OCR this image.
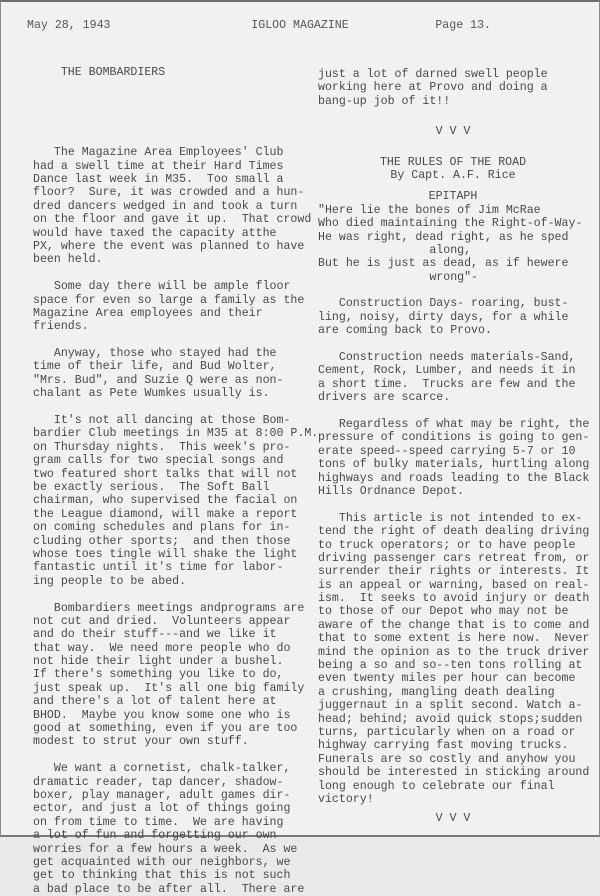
May 28, 1943	IGLOO MAGAZINE	Page 13.

THE BOMBARDIERS

The Magazine Area Employees' Club
had a swell time at their Hard Times
Dance last week in M35.  Too small a
floor?  Sure, it was crowded and a hun-
dred dancers wedged in and took a turn
on the floor and gave it up.  That crowd
would have taxed the capacity atthe
PX, where the event was planned to have
been held.
Some day there will be ample floor
space for even so large a family as the
Magazine Area employees and their
friends.
Anyway, those who stayed had the
time of their life, and Bud Wolter,
"Mrs. Bud", and Suzie Q were as non-
chalant as Pete Wumkes usually is.
It's not all dancing at those Bom-
bardier Club meetings in M35 at 8:00 P.M.
on Thursday nights.  This week's pro-
gram calls for two special songs and
two featured short talks that will not
be exactly serious.  The Soft Ball
chairman, who supervised the facial on
the League diamond, will make a report
on coming schedules and plans for in-
cluding other sports;  and then those
whose toes tingle will shake the light
fantastic until it's time for labor-
ing people to be abed.
Bombardiers meetings andprograms are
not cut and dried.  Volunteers appear
and do their stuff---and we like it
that way.  We need more people who do
not hide their light under a bushel.
If there's something you like to do,
just speak up.  It's all one big family
and there's a lot of talent here at
BHOD.  Maybe you know some one who is
good at something, even if you are too
modest to strut your own stuff.
We want a cornetist, chalk-talker,
dramatic reader, tap dancer, shadow-
boxer, play manager, adult games dir-
ector, and just a lot of things going
on from time to time.  We are having
a lot of fun and forgetting our own
worries for a few hours a week.  As we
get acquainted with our neighbors, we
get to thinking that this is not such
a bad place to be after all.  There are
just a lot of darned swell people
working here at Provo and doing a
bang-up job of it!!
V V V
THE RULES OF THE ROAD
By Capt. A.F. Rice
EPITAPH
"Here lie the bones of Jim McRae
Who died maintaining the Right-of-Way-
He was right, dead right, as he sped
along,
But he is just as dead, as if hewere
wrong"-
Construction Days- roaring, bust-
ling, noisy, dirty days, for a while
are coming back to Provo.
Construction needs materials-Sand,
Cement, Rock, Lumber, and needs it in
a short time.  Trucks are few and the
drivers are scarce.
Regardless of what may be right, the
pressure of conditions is going to gen-
erate speed--speed carrying 5-7 or 10
tons of bulky materials, hurtling along
highways and roads leading to the Black
Hills Ordnance Depot.
This article is not intended to ex-
tend the right of death dealing driving
to truck operators; or to have people
driving passenger cars retreat from, or
surrender their rights or interests. It
is an appeal or warning, based on real-
ism.  It seeks to avoid injury or death
to those of our Depot who may not be
aware of the change that is to come and
that to some extent is here now.  Never
mind the opinion as to the truck driver
being a so and so--ten tons rolling at
even twenty miles per hour can become
a crushing, mangling death dealing
juggernaut in a split second. Watch a-
head; behind; avoid quick stops;sudden
turns, particularly when on a road or
highway carrying fast moving trucks.
Funerals are so costly and anyhow you
should be interested in sticking around
long enough to celebrate our final
victory!
V V V
